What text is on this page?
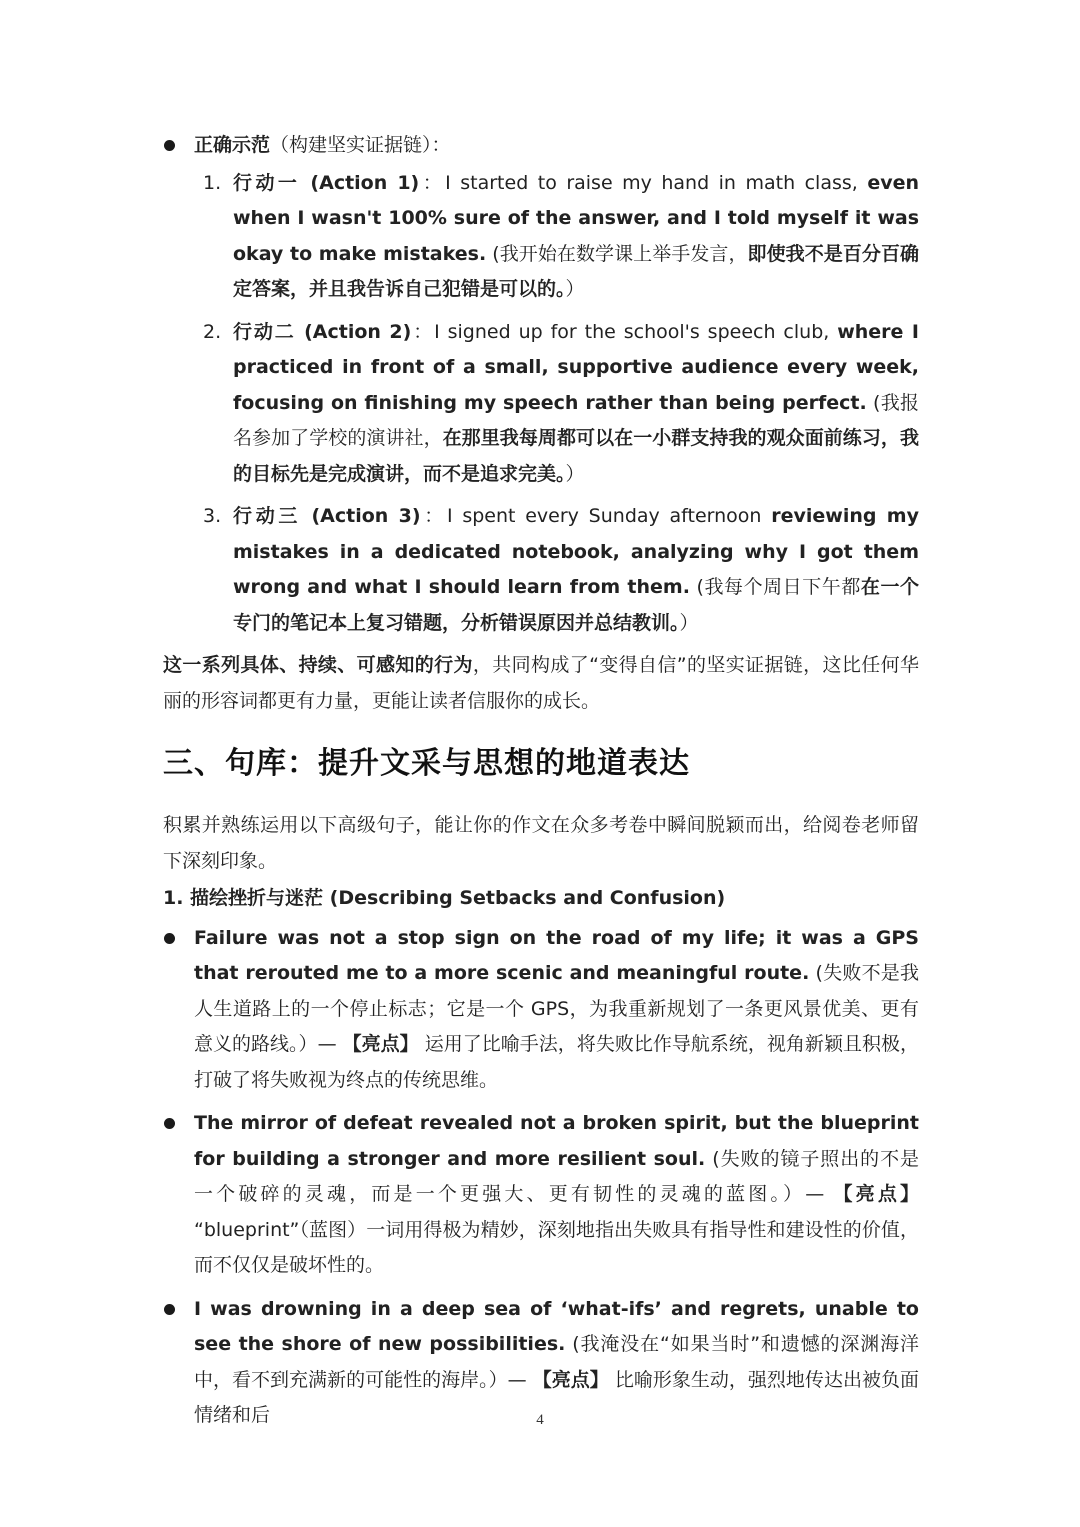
正确示范（构建坚实证据链）：
1. 行动一 (Action 1)：I started to raise my hand in math class, even when I wasn't 100% sure of the answer, and I told myself it was okay to make mistakes. (我开始在数学课上举手发言，即使我不是百分百确定答案，并且我告诉自己犯错是可以的。）
2. 行动二 (Action 2)：I signed up for the school's speech club, where I practiced in front of a small, supportive audience every week, focusing on finishing my speech rather than being perfect. (我报名参加了学校的演讲社，在那里我每周都可以在一小群支持我的观众面前练习，我的目标先是完成演讲，而不是追求完美。）
3. 行动三 (Action 3)：I spent every Sunday afternoon reviewing my mistakes in a dedicated notebook, analyzing why I got them wrong and what I should learn from them. (我每个周日下午都在一个专门的笔记本上复习错题，分析错误原因并总结教训。）

这一系列具体、持续、可感知的行为，共同构成了“变得自信”的坚实证据链，这比任何华丽的形容词都更有力量，更能让读者信服你的成长。

三、句库：提升文采与思想的地道表达

积累并熟练运用以下高级句子，能让你的作文在众多考卷中瞬间脱颖而出，给阅卷老师留下深刻印象。

1. 描绘挫折与迷茫 (Describing Setbacks and Confusion)

Failure was not a stop sign on the road of my life; it was a GPS that rerouted me to a more scenic and meaningful route. (失败不是我人生道路上的一个停止标志；它是一个 GPS，为我重新规划了一条更风景优美、更有意义的路线。）— 【亮点】 运用了比喻手法，将失败比作导航系统，视角新颖且积极，打破了将失败视为终点的传统思维。
The mirror of defeat revealed not a broken spirit, but the blueprint for building a stronger and more resilient soul. (失败的镜子照出的不是一个破碎的灵魂，而是一个更强大、更有韧性的灵魂的蓝图。）— 【亮点】 “blueprint”（蓝图）一词用得极为精妙，深刻地指出失败具有指导性和建设性的价值，而不仅仅是破坏性的。
I was drowning in a deep sea of ‘what-ifs’ and regrets, unable to see the shore of new possibilities. (我淹没在“如果当时”和遗憾的深渊海洋中，看不到充满新的可能性的海岸。）— 【亮点】 比喻形象生动，强烈地传达出被负面情绪和后	4
